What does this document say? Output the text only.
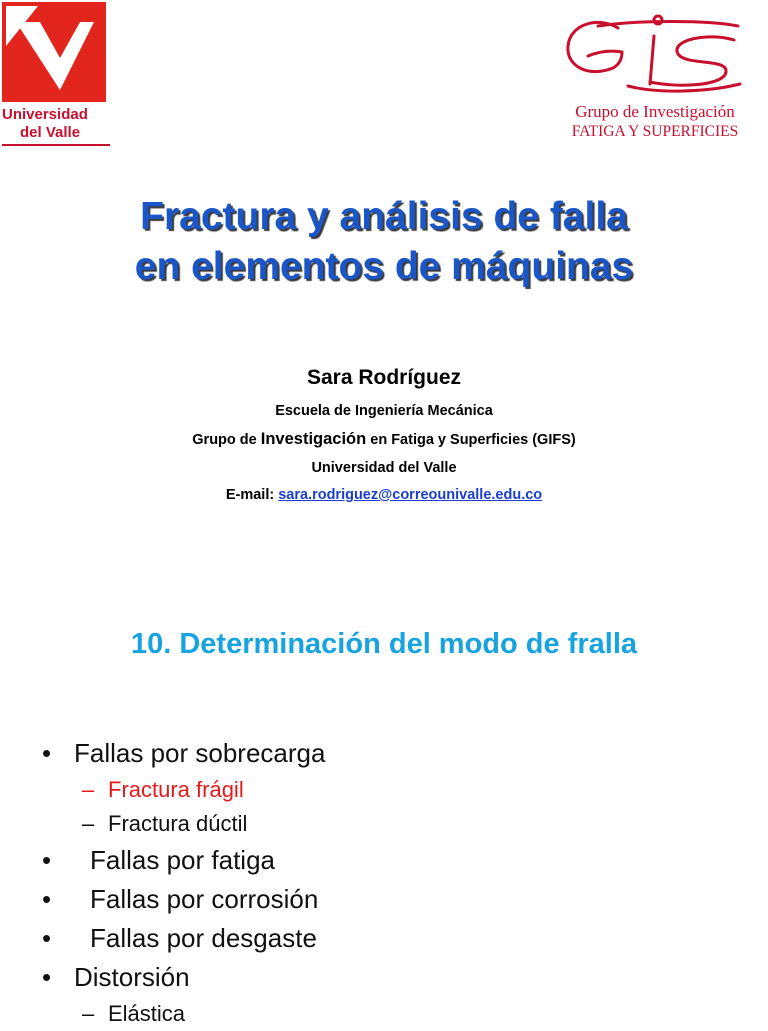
Universidad
del Valle
Grupo de Investigación
FATIGA Y SUPERFICIES
Fractura y análisis de falla
en elementos de máquinas
Sara Rodríguez
Escuela de Ingeniería Mecánica
Grupo de Investigación en Fatiga y Superficies (GIFS)
Universidad del Valle
E-mail: sara.rodriguez@correounivalle.edu.co
10. Determinación del modo de fralla
• Fallas por sobrecarga
– Fractura frágil
– Fractura dúctil
• Fallas por fatiga
• Fallas por corrosión
• Fallas por desgaste
• Distorsión
– Elástica
